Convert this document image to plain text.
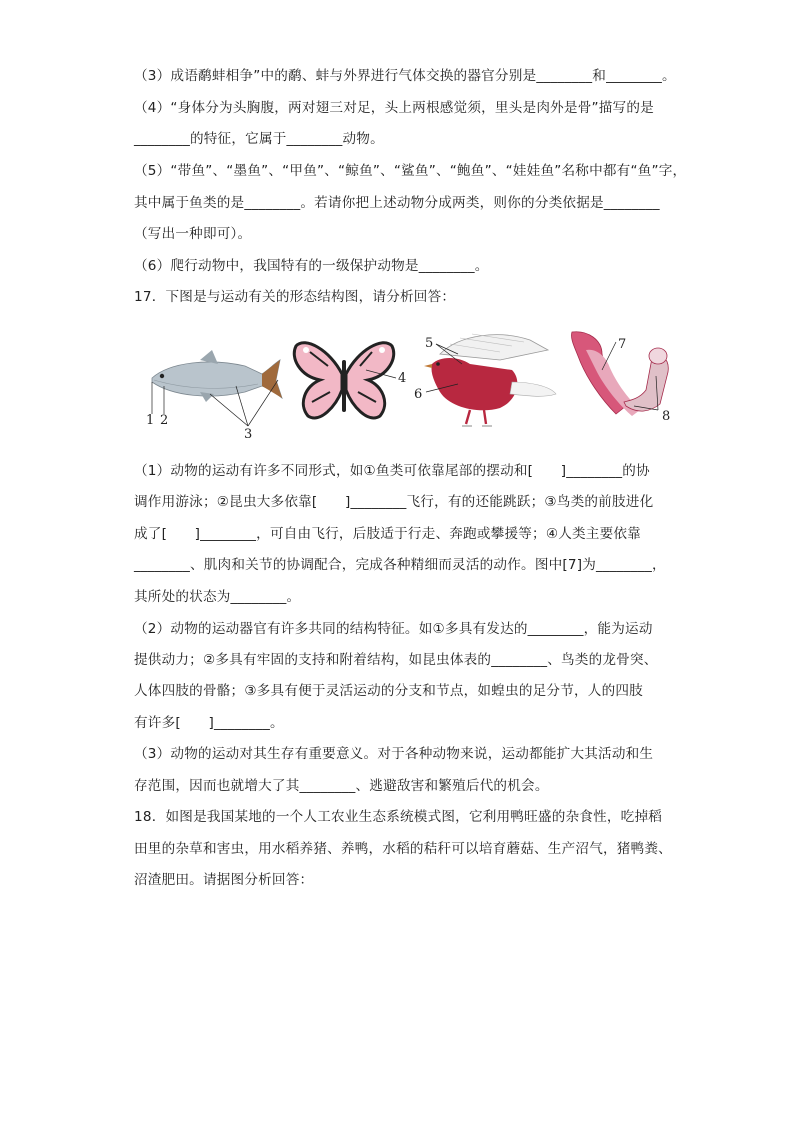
（3）成语鹬蚌相争”中的鹬、蚌与外界进行气体交换的器官分别是________和________。
（4）“身体分为头胸腹，两对翅三对足，头上两根感觉须，里头是肉外是骨”描写的是
________的特征，它属于________动物。
（5）“带鱼”、“墨鱼”、“甲鱼”、“鲸鱼”、“鲨鱼”、“鲍鱼”、“娃娃鱼”名称中都有“鱼”字，
其中属于鱼类的是________。若请你把上述动物分成两类，则你的分类依据是________
（写出一种即可）。
（6）爬行动物中，我国特有的一级保护动物是________。
17．下图是与运动有关的形态结构图，请分析回答：
1 2
3
4
5
6
7
8
（1）动物的运动有许多不同形式，如①鱼类可依靠尾部的摆动和[　　]________的协
调作用游泳；②昆虫大多依靠[　　]________飞行，有的还能跳跃；③鸟类的前肢进化
成了[　　]________，可自由飞行，后肢适于行走、奔跑或攀援等；④人类主要依靠
________、肌肉和关节的协调配合，完成各种精细而灵活的动作。图中[7]为________，
其所处的状态为________。
（2）动物的运动器官有许多共同的结构特征。如①多具有发达的________，能为运动
提供动力；②多具有牢固的支持和附着结构，如昆虫体表的________、鸟类的龙骨突、
人体四肢的骨骼；③多具有便于灵活运动的分支和节点，如蝗虫的足分节，人的四肢
有许多[　　]________。
（3）动物的运动对其生存有重要意义。对于各种动物来说，运动都能扩大其活动和生
存范围，因而也就增大了其________、逃避敌害和繁殖后代的机会。
18．如图是我国某地的一个人工农业生态系统模式图，它利用鸭旺盛的杂食性，吃掉稻
田里的杂草和害虫，用水稻养猪、养鸭，水稻的秸秆可以培育蘑菇、生产沼气，猪鸭粪、
沼渣肥田。请据图分析回答：
